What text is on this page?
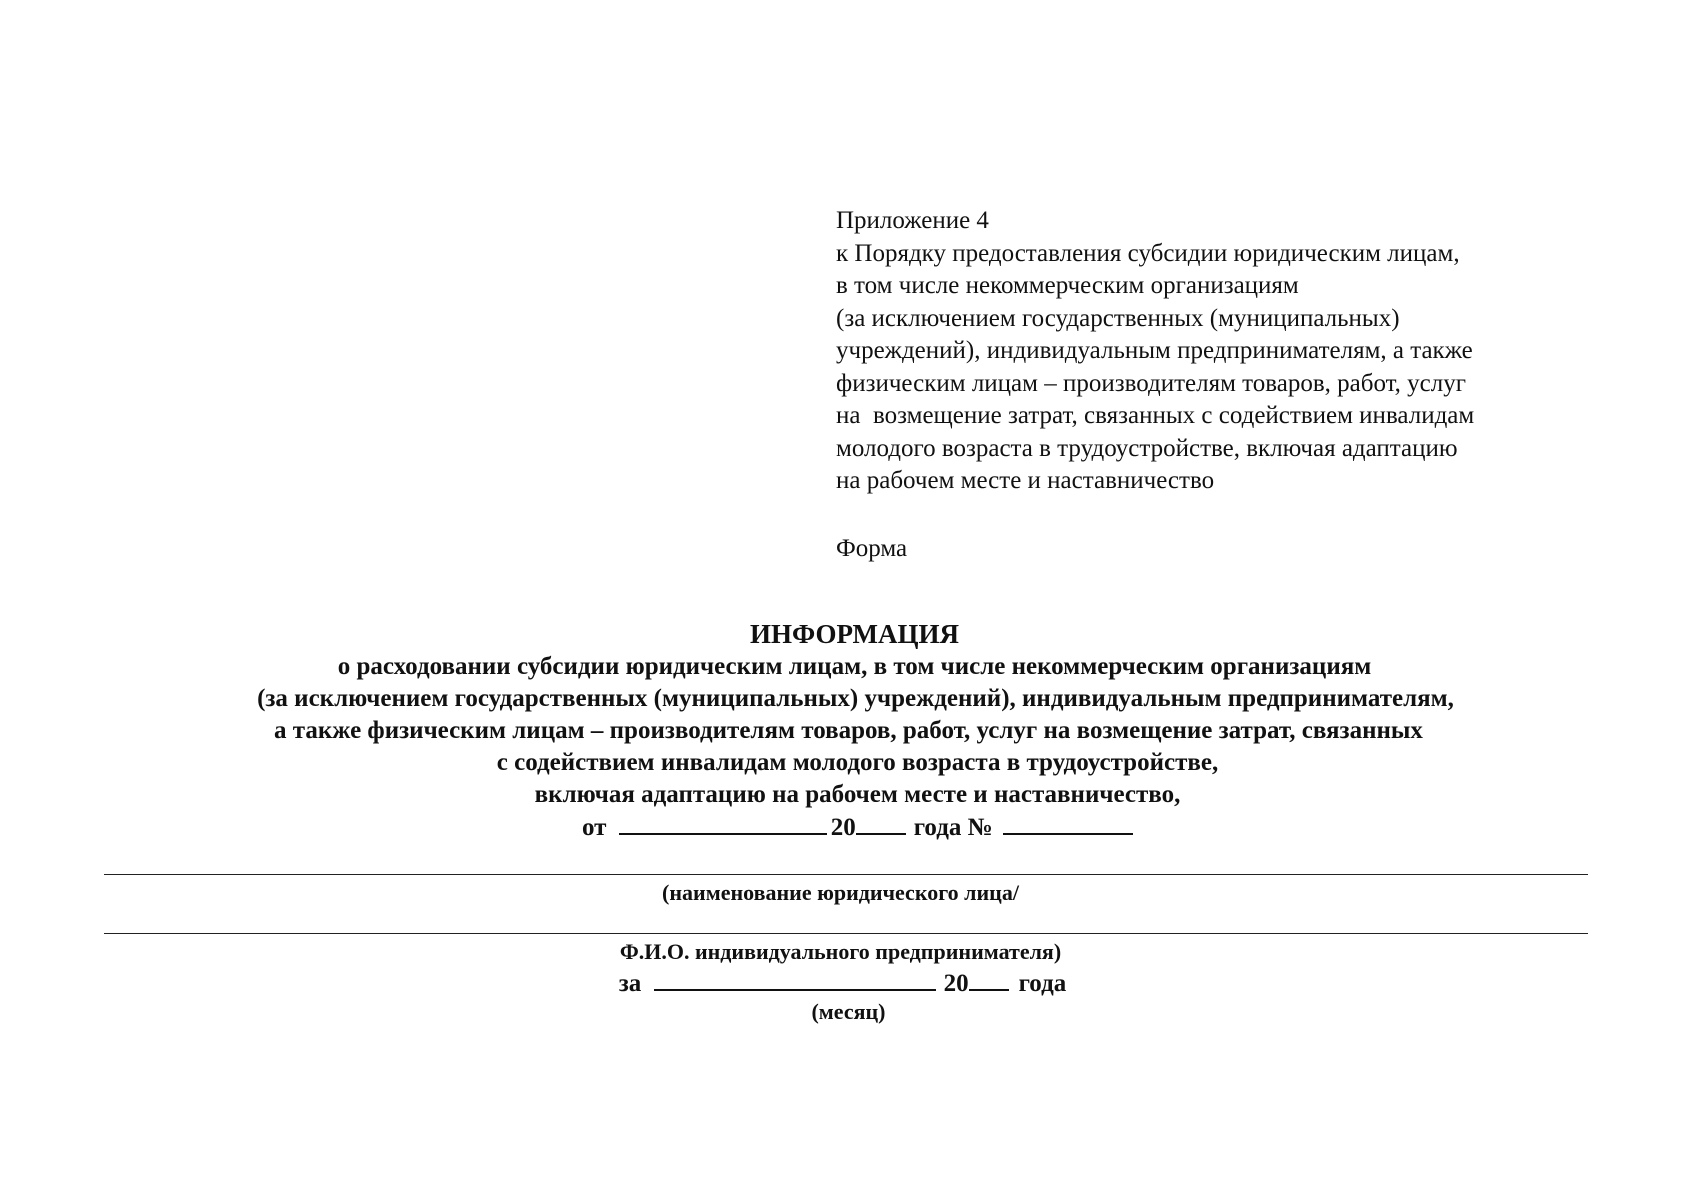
Приложение 4
к Порядку предоставления субсидии юридическим лицам,
в том числе некоммерческим организациям
(за исключением государственных (муниципальных)
учреждений), индивидуальным предпринимателям, а также
физическим лицам – производителям товаров, работ, услуг
на  возмещение затрат, связанных с содействием инвалидам
молодого возраста в трудоустройстве, включая адаптацию
на рабочем месте и наставничество
Форма
ИНФОРМАЦИЯ
о расходовании субсидии юридическим лицам, в том числе некоммерческим организациям
(за исключением государственных (муниципальных) учреждений), индивидуальным предпринимателям,
а также физическим лицам – производителям товаров, работ, услуг на возмещение затрат, связанных
с содействием инвалидам молодого возраста в трудоустройстве,
включая адаптацию на рабочем месте и наставничество,
от	20 года №
(наименование юридического лица/
Ф.И.О. индивидуального предпринимателя)
за	20 года
(месяц)
